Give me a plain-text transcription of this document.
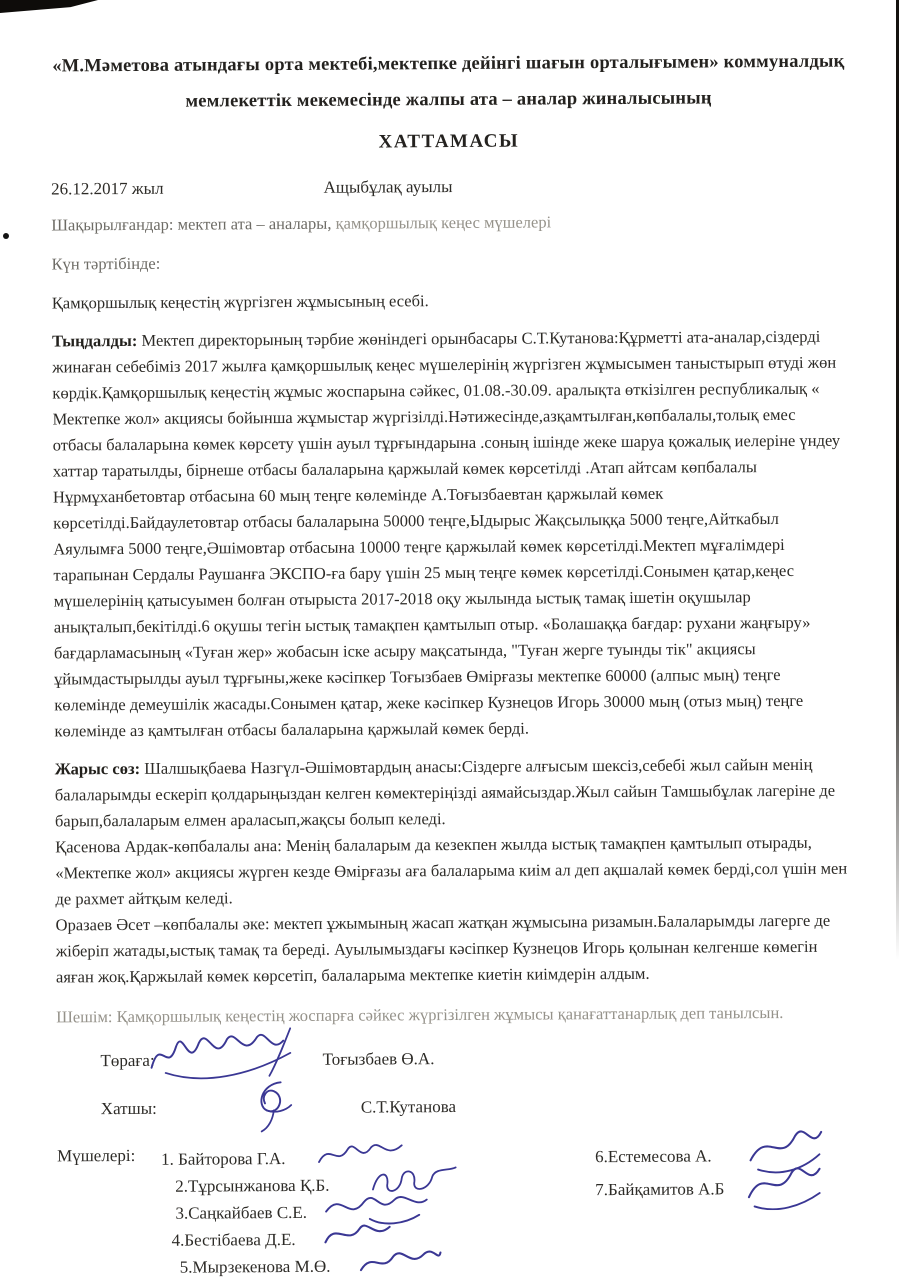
«М.Мәметова атындағы орта мектебі,мектепке дейінгі шағын орталығымен» коммуналдық мемлекеттік мекемесінде жалпы ата – аналар жиналысының
ХАТТАМАСЫ
26.12.2017 жыл	Ащыбұлақ ауылы
Шақырылғандар: мектеп ата – аналары, қамқоршылық кеңес мүшелері
Күн тәртібінде:
Қамқоршылық кеңестің жүргізген жұмысының есебі.
Тыңдалды: Мектеп директорының тәрбие жөніндегі орынбасары С.Т.Кутанова:Құрметті ата-аналар,сіздерді жинаған себебіміз 2017 жылға қамқоршылық кеңес мүшелерінің жүргізген жұмысымен таныстырып өтуді жөн көрдік.Қамқоршылық кеңестің жұмыс жоспарына сәйкес, 01.08.-30.09. аралықта өткізілген республикалық « Мектепке жол» акциясы бойынша жұмыстар жүргізілді.Нәтижесінде,азқамтылған,көпбалалы,толық емес отбасы балаларына көмек көрсету үшін ауыл тұрғындарына .соның ішінде жеке шаруа қожалық иелеріне үндеу хаттар таратылды, бірнеше отбасы балаларына қаржылай көмек көрсетілді .Атап айтсам көпбалалы Нұрмұханбетовтар отбасына 60 мың теңге көлемінде А.Тоғызбаевтан қаржылай көмек көрсетілді.Байдаулетовтар отбасы балаларына 50000 теңге,Ыдырыс Жақсылыққа 5000 теңге,Айткабыл Аяулымға 5000 теңге,Әшімовтар отбасына 10000 теңге қаржылай көмек көрсетілді.Мектеп мұғалімдері тарапынан Сердалы Раушанға ЭКСПО-ға бару үшін 25 мың теңге көмек көрсетілді.Сонымен қатар,кеңес мүшелерінің қатысуымен болған отырыста 2017-2018 оқу жылында ыстық тамақ ішетін оқушылар анықталып,бекітілді.6 оқушы тегін ыстық тамақпен қамтылып отыр. «Болашаққа бағдар: рухани жаңғыру» бағдарламасының «Туған жер» жобасын іске асыру мақсатында, "Туған жерге туынды тік" акциясы ұйымдастырылды ауыл тұрғыны,жеке кәсіпкер Тоғызбаев Өмірғазы мектепке 60000 (алпыс мың) теңге көлемінде демеушілік жасады.Сонымен қатар, жеке кәсіпкер Кузнецов Игорь 30000 мың (отыз мың) теңге көлемінде аз қамтылған отбасы балаларына қаржылай көмек берді.
Жарыс сөз: Шалшықбаева Назгүл-Әшімовтардың анасы:Сіздерге алғысым шексіз,себебі жыл сайын менің балаларымды ескеріп қолдарыңыздан келген көмектеріңізді аямайсыздар.Жыл сайын Тамшыбұлак лагеріне де барып,балаларым елмен араласып,жақсы болып келеді.
Қасенова Ардак-көпбалалы ана: Менің балаларым да кезекпен жылда ыстық тамақпен қамтылып отырады, «Мектепке жол» акциясы жүрген кезде Өмірғазы аға балаларыма киім ал деп ақшалай көмек берді,сол үшін мен де рахмет айтқым келеді.
Оразаев Әсет –көпбалалы әке: мектеп ұжымының жасап жатқан жұмысына ризамын.Балаларымды лагерге де жіберіп жатады,ыстық тамақ та береді. Ауылымыздағы кәсіпкер Кузнецов Игорь қолынан келгенше көмегін аяған жоқ.Қаржылай көмек көрсетіп, балаларыма мектепке киетін киімдерін алдым.
Шешім: Қамқоршылық кеңестің жоспарға сәйкес жүргізілген жұмысы қанағаттанарлық деп танылсын.
Төраға:	Тоғызбаев Ө.А.
Хатшы:	С.Т.Кутанова
Мүшелері:	1. Байторова Г.А.
2.Тұрсынжанова Қ.Б.
3.Саңкайбаев С.Е.
4.Бестібаева Д.Е.
5.Мырзекенова М.Ө.
6.Естемесова А.
7.Байқамитов А.Б
